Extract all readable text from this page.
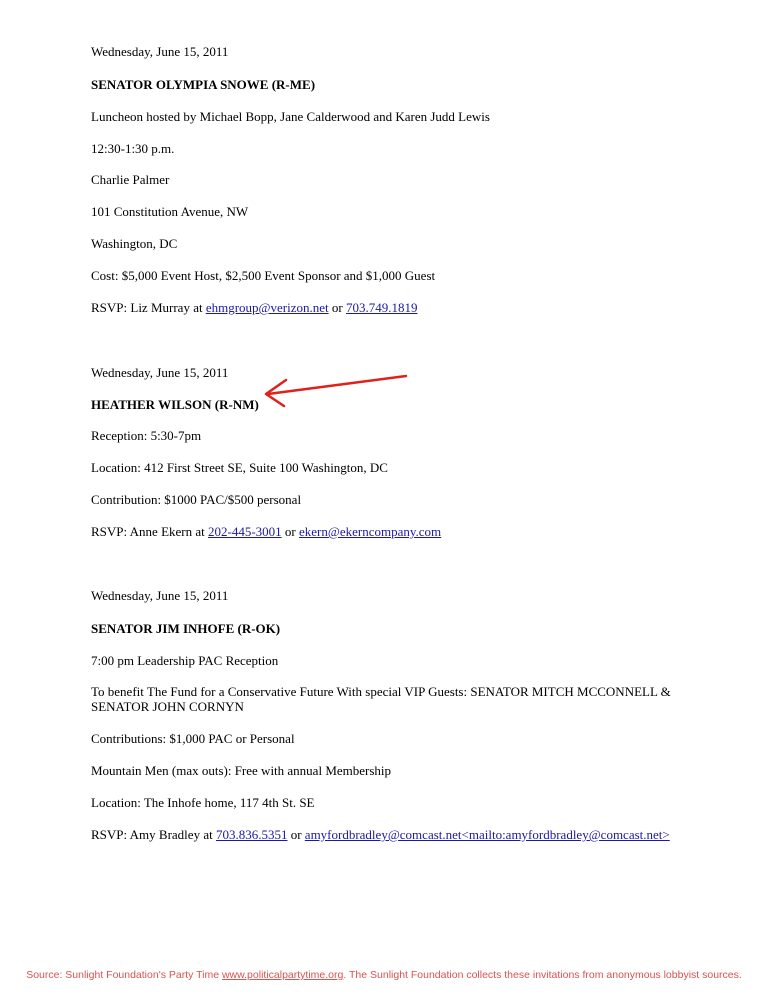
Wednesday, June 15, 2011
SENATOR OLYMPIA SNOWE (R-ME)
Luncheon hosted by Michael Bopp, Jane Calderwood and Karen Judd Lewis
12:30-1:30 p.m.
Charlie Palmer
101 Constitution Avenue, NW
Washington, DC
Cost: $5,000 Event Host, $2,500 Event Sponsor and $1,000 Guest
RSVP: Liz Murray at ehmgroup@verizon.net or 703.749.1819
Wednesday, June 15, 2011
HEATHER WILSON (R-NM)
Reception: 5:30-7pm
Location: 412 First Street SE, Suite 100 Washington, DC
Contribution: $1000 PAC/$500 personal
RSVP: Anne Ekern at 202-445-3001 or ekern@ekerncompany.com
Wednesday, June 15, 2011
SENATOR JIM INHOFE (R-OK)
7:00 pm Leadership PAC Reception
To benefit The Fund for a Conservative Future With special VIP Guests: SENATOR MITCH MCCONNELL &
SENATOR JOHN CORNYN
Contributions: $1,000 PAC or Personal
Mountain Men (max outs): Free with annual Membership
Location: The Inhofe home, 117 4th St. SE
RSVP: Amy Bradley at 703.836.5351 or amyfordbradley@comcast.net<mailto:amyfordbradley@comcast.net>
Source: Sunlight Foundation's Party Time www.politicalpartytime.org. The Sunlight Foundation collects these invitations from anonymous lobbyist sources.
